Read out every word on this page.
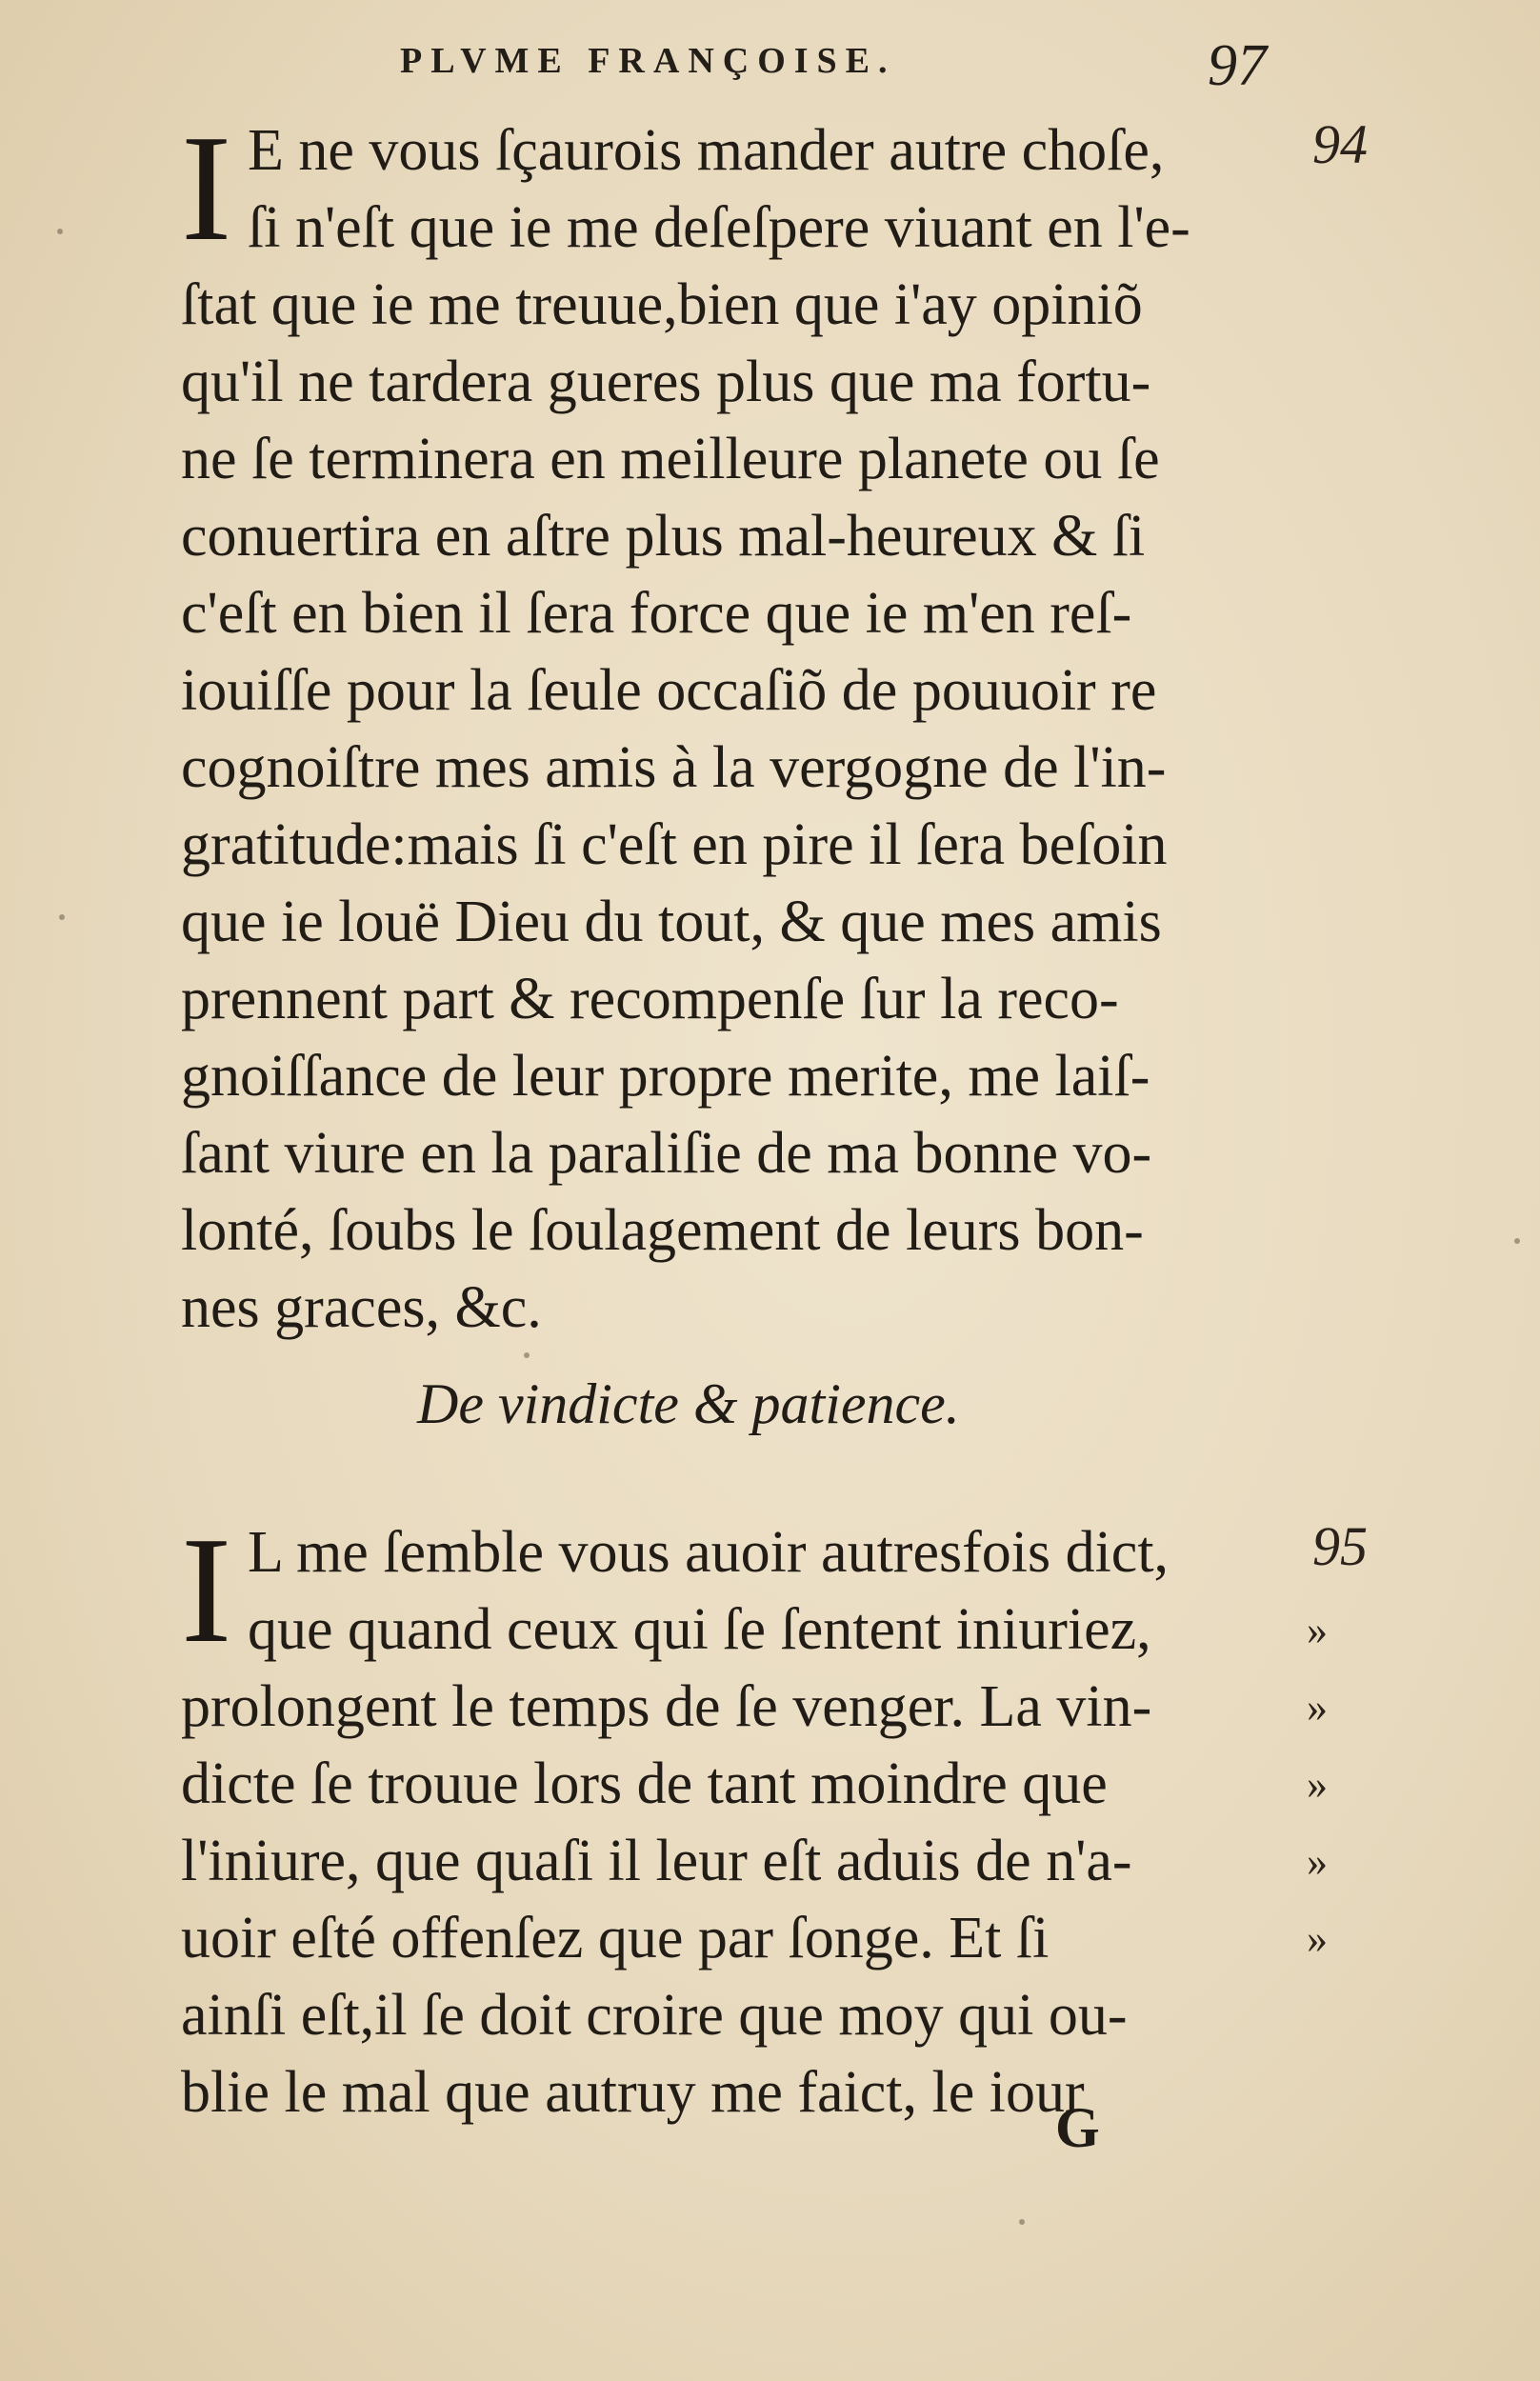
PLVME FRANÇOISE.	97
94
I E ne vous ſçaurois mander autre choſe,
ſi n'eſt que ie me deſeſpere viuant en l'e-
ſtat que ie me treuue,bien que i'ay opiniõ
qu'il ne tardera gueres plus que ma fortu-
ne ſe terminera en meilleure planete ou ſe
conuertira en aſtre plus mal-heureux & ſi
c'eſt en bien il ſera force que ie m'en reſ-
iouiſſe pour la ſeule occaſiõ de pouuoir re
cognoiſtre mes amis à la vergogne de l'in-
gratitude:mais ſi c'eſt en pire il ſera beſoin
que ie louë Dieu du tout, & que mes amis
prennent part & recompenſe ſur la reco-
gnoiſſance de leur propre merite, me laiſ-
ſant viure en la paraliſie de ma bonne vo-
lonté, ſoubs le ſoulagement de leurs bon-
nes graces, &c.
De vindicte & patience.
95
»
»
»
»
»
I L me ſemble vous auoir autresfois dict,
que quand ceux qui ſe ſentent iniuriez,
prolongent le temps de ſe venger. La vin-
dicte ſe trouue lors de tant moindre que
l'iniure, que quaſi il leur eſt aduis de n'a-
uoir eſté offenſez que par ſonge. Et ſi
ainſi eſt,il ſe doit croire que moy qui ou-
blie le mal que autruy me faict, le iour
G
